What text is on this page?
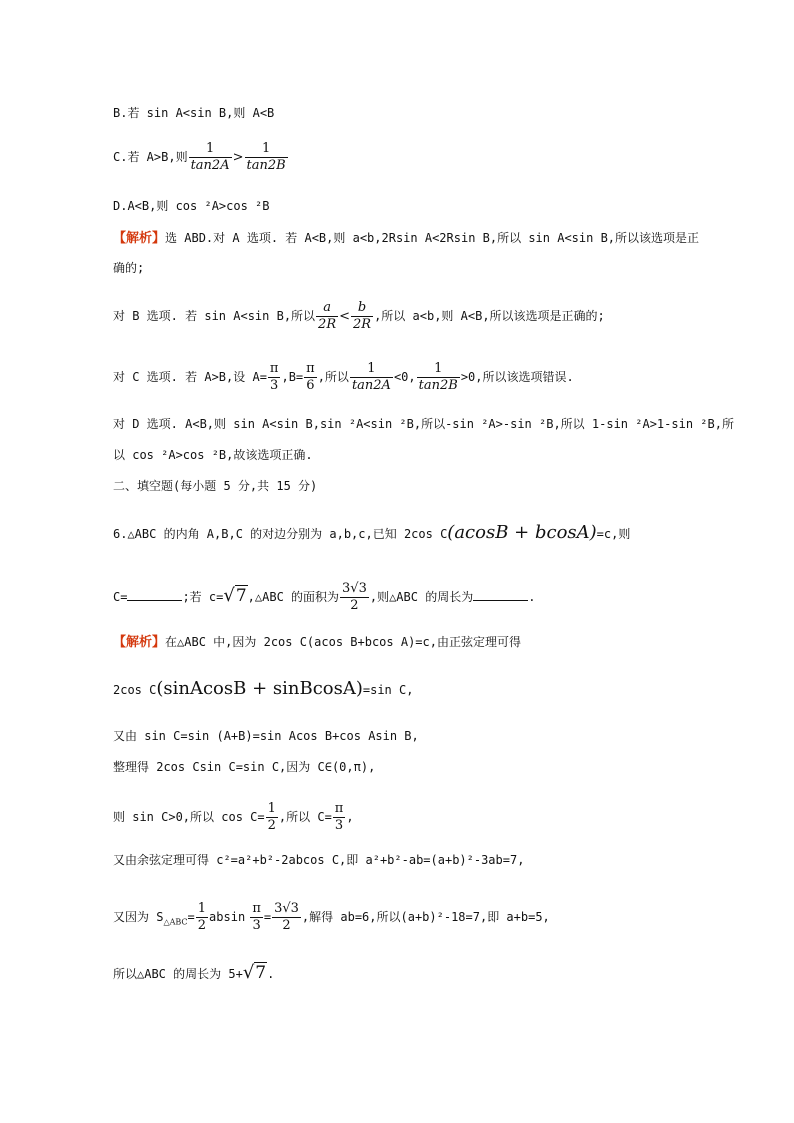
B.若 sin A<sin B,则 A<B
C.若 A>B,则 $\frac{1}{\tan 2A} > \frac{1}{\tan 2B}$
D.A<B,则 cos ²A>cos ²B
【解析】选 ABD.对 A 选项. 若 A<B,则 a<b,2Rsin A<2Rsin B,所以 sin A<sin B,所以该选项是正
确的;
对 B 选项. 若 sin A<sin B,所以 $\frac{a}{2R} < \frac{b}{2R}$ ,所以 a<b,则 A<B,所以该选项是正确的;
对 C 选项. 若 A>B,设 $A= \frac{\pi}{3} ,B= \frac{\pi}{6}$ ,所以 $\frac{1}{\tan 2A} <0$, $\frac{1}{\tan 2B} >0$,所以该选项错误.
对 D 选项. A<B,则 sin A<sin B,sin ²A<sin ²B,所以-sin ²A>-sin ²B,所以 1-sin ²A>1-sin ²B,所
以 cos ²A>cos ²B,故该选项正确.
二、填空题(每小题 5 分,共 15 分)
6.△ABC 的内角 A,B,C 的对边分别为 a,b,c,已知 2cos C(acosB + bcosA)=c,则
C=	;若 c=√7,△ABC 的面积为 $\frac{3√3}{2}$ ,则△ABC 的周长为	.
【解析】在△ABC 中,因为 2cos C(acos B+bcos A)=c,由正弦定理可得
2cos C(sinAcosB + sinBcosA)=sin C,
又由 sin C=sin (A+B)=sin Acos B+cos Asin B,
整理得 2cos Csin C=sin C,因为 C∈(0,π),
则 sin C>0,所以 $\cos C= \frac{1}{2}$ ,所以 $C= \frac{\pi}{3}$ ,
又由余弦定理可得 c²=a²+b²-2abcos C,即 a²+b²-ab=(a+b)²-3ab=7,
又因为 $S_{\triangle ABC}= \frac{1}{2}$ absin $\frac{\pi}{3} = \frac{3√3}{2}$ ,解得 ab=6,所以(a+b)²-18=7,即 a+b=5,
所以△ABC 的周长为 5+√7.
